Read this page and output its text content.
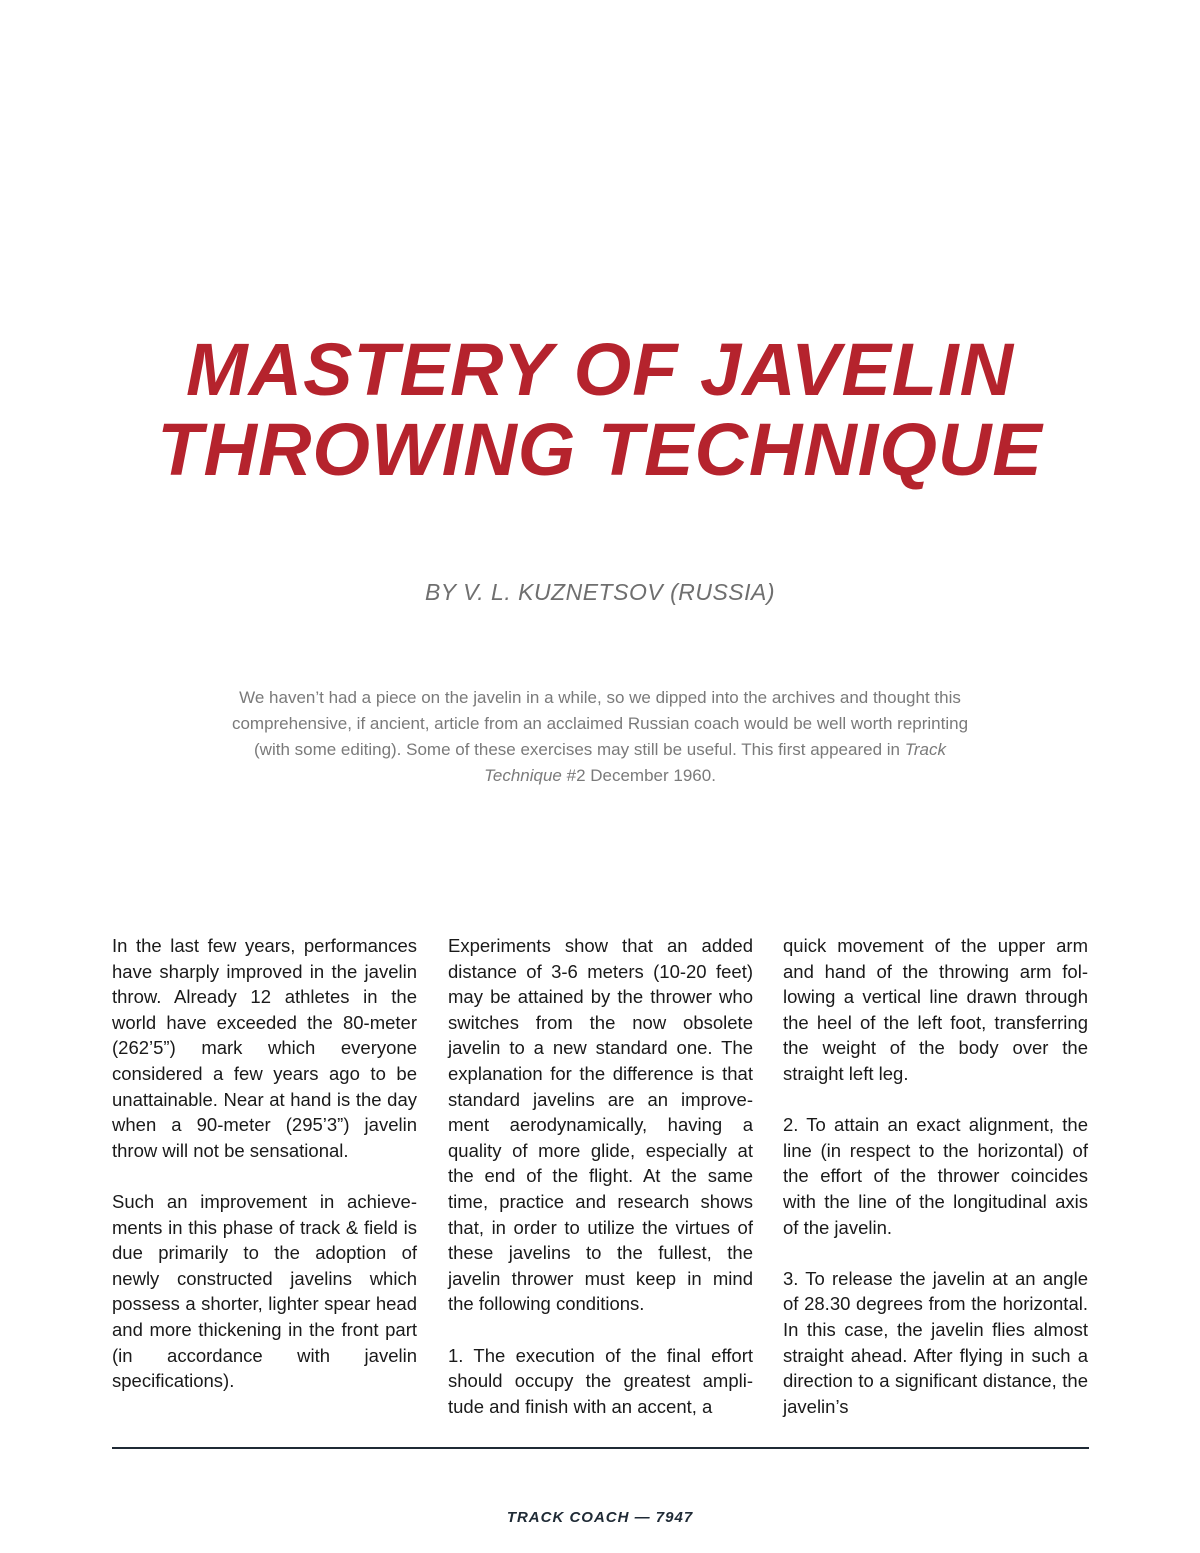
MASTERY OF JAVELIN
THROWING TECHNIQUE
BY V. L. KUZNETSOV (RUSSIA)

We haven’t had a piece on the javelin in a while, so we dipped into the archives and thought this comprehensive, if ancient, article from an acclaimed Russian coach would be well worth reprinting (with some editing). Some of these exercises may still be useful. This first appeared in Track Technique #2 December 1960.

In the last few years, performances have sharply improved in the javelin throw. Already 12 athletes in the world have exceeded the 80-meter (262’5”) mark which everyone considered a few years ago to be unattainable. Near at hand is the day when a 90-meter (295’3”) javelin throw will not be sensational.

Such an improvement in achievements in this phase of track & field is due primarily to the adoption of newly constructed javelins which possess a shorter, lighter spear head and more thickening in the front part (in accordance with javelin specifications).

Experiments show that an added distance of 3-6 meters (10-20 feet) may be attained by the thrower who switches from the now obsolete javelin to a new standard one. The explanation for the difference is that standard javelins are an improvement aerodynamically, having a quality of more glide, especially at the end of the flight. At the same time, practice and research shows that, in order to utilize the virtues of these javelins to the fullest, the javelin thrower must keep in mind the following conditions.

1. The execution of the final effort should occupy the greatest amplitude and finish with an accent, a

quick movement of the upper arm and hand of the throwing arm following a vertical line drawn through the heel of the left foot, transferring the weight of the body over the straight left leg.

2. To attain an exact alignment, the line (in respect to the horizontal) of the effort of the thrower coincides with the line of the longitudinal axis of the javelin.

3. To release the javelin at an angle of 28.30 degrees from the horizontal. In this case, the javelin flies almost straight ahead. After flying in such a direction to a significant distance, the javelin’s

TRACK COACH — 7947
